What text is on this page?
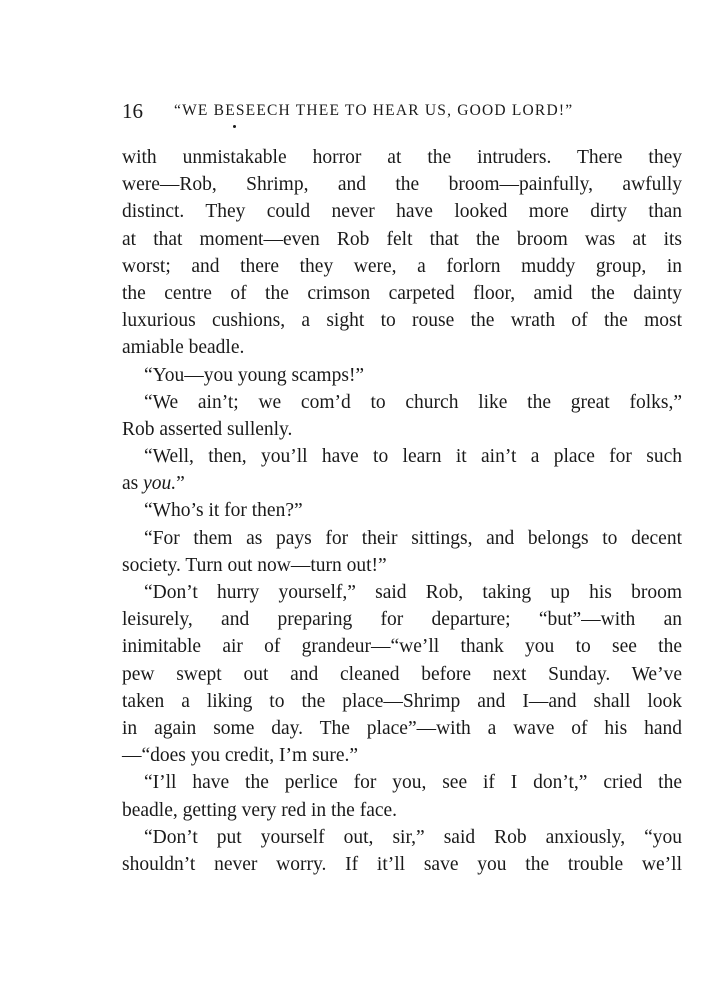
16 “WE BESEECH THEE TO HEAR US, GOOD LORD!”
with unmistakable horror at the intruders. There they
were—Rob, Shrimp, and the broom—painfully, awfully
distinct. They could never have looked more dirty than
at that moment—even Rob felt that the broom was at its
worst; and there they were, a forlorn muddy group, in
the centre of the crimson carpeted floor, amid the dainty
luxurious cushions, a sight to rouse the wrath of the most
amiable beadle.
“You—you young scamps!”
“We ain’t; we com’d to church like the great folks,”
Rob asserted sullenly.
“Well, then, you’ll have to learn it ain’t a place for such
as you.”
“Who’s it for then?”
“For them as pays for their sittings, and belongs to decent
society. Turn out now—turn out!”
“Don’t hurry yourself,” said Rob, taking up his broom
leisurely, and preparing for departure; “but”—with an
inimitable air of grandeur—“we’ll thank you to see the
pew swept out and cleaned before next Sunday. We’ve
taken a liking to the place—Shrimp and I—and shall look
in again some day. The place”—with a wave of his hand
—“does you credit, I’m sure.”
“I’ll have the perlice for you, see if I don’t,” cried the
beadle, getting very red in the face.
“Don’t put yourself out, sir,” said Rob anxiously, “you
shouldn’t never worry. If it’ll save you the trouble we’ll
